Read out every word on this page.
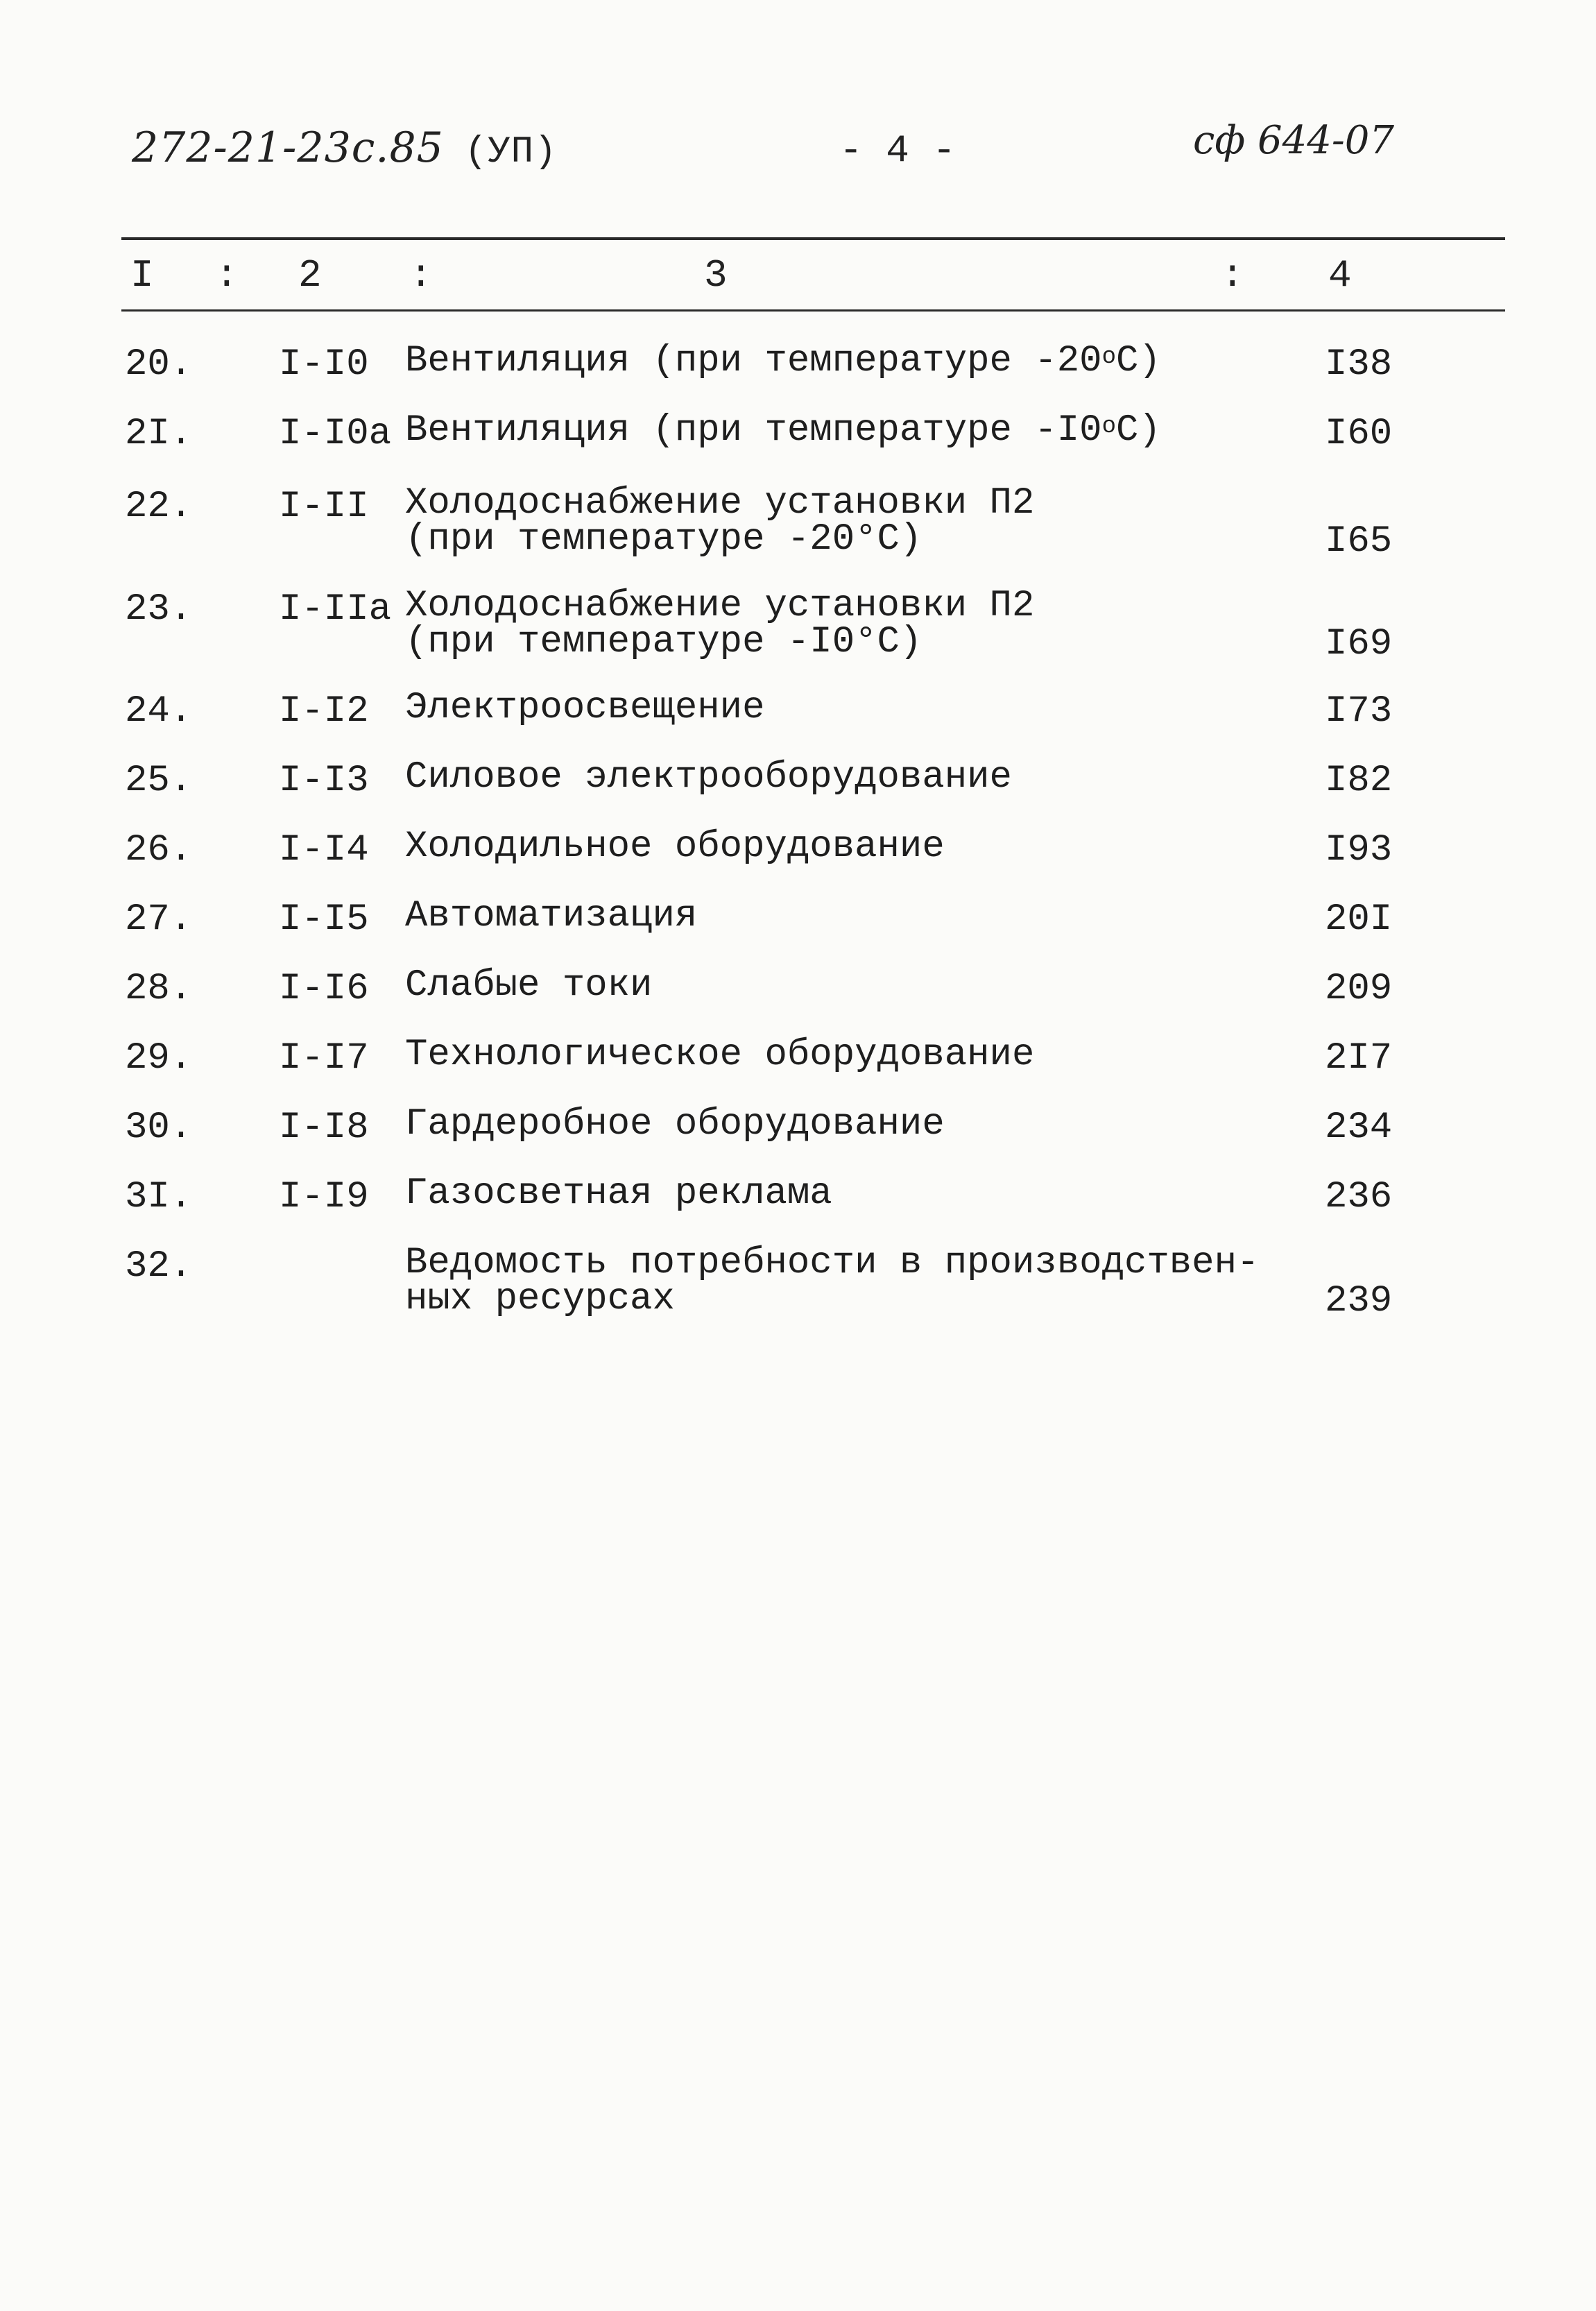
272-21-23с.85 (УП)	- 4 -	сф 644-07
I : 2 :	3	: 4
20. I-I0 Вентиляция (при температуре $-20^оС$)	I38
2I. I-I0а Вентиляция (при температуре $-I0^оС$)	I60
22. I-II Холодоснабжение установки П2
(при температуре -20°С)	I65
23. I-IIа Холодоснабжение установки П2
(при температуре -I0°С)	I69
24. I-I2 Электроосвещение	I73
25. I-I3 Силовое электрооборудование	I82
26. I-I4 Холодильное оборудование	I93
27. I-I5 Автоматизация	20I
28. I-I6 Слабые токи	209
29. I-I7 Технологическое оборудование	2I7
30. I-I8 Гардеробное оборудование	234
3I. I-I9 Газосветная реклама	236
32.	Ведомость потребности в производствен-
ных ресурсах	239
